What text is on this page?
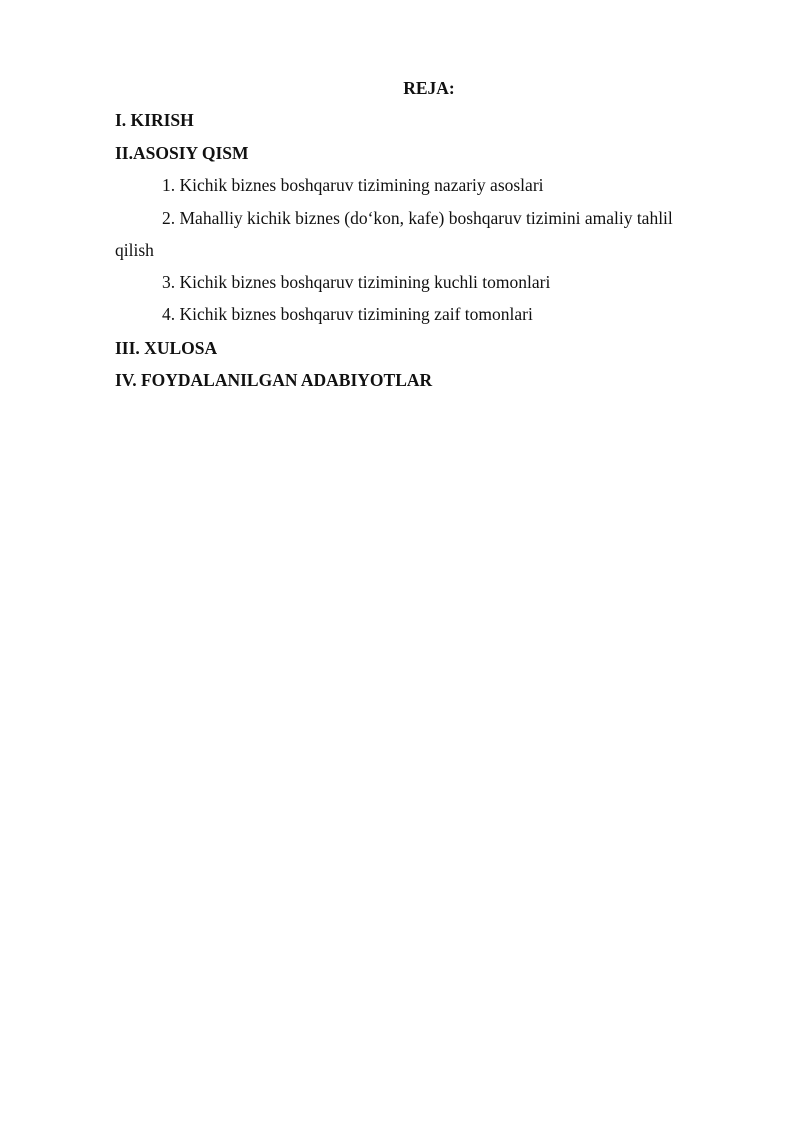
REJA:
I. KIRISH
II.ASOSIY QISM
1. Kichik biznes boshqaruv tizimining nazariy asoslari
2. Mahalliy kichik biznes (do‘kon, kafe) boshqaruv tizimini amaliy tahlil
qilish
3. Kichik biznes boshqaruv tizimining kuchli tomonlari
4. Kichik biznes boshqaruv tizimining zaif tomonlari
III. XULOSA
IV. FOYDALANILGAN ADABIYOTLAR
